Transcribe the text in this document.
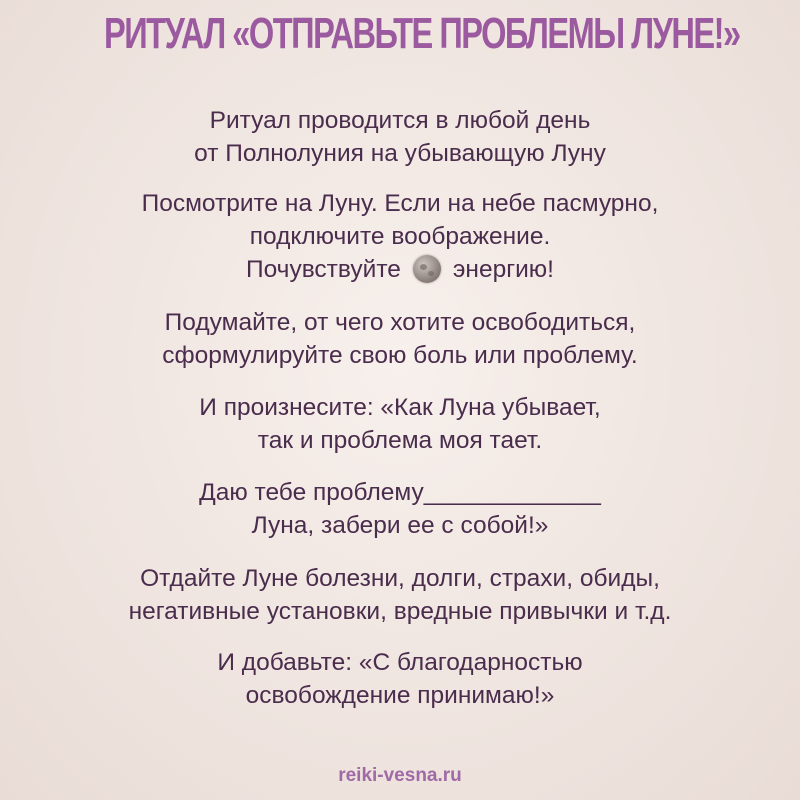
РИТУАЛ «ОТПРАВЬТЕ ПРОБЛЕМЫ ЛУНЕ!»
Ритуал проводится в любой день
от Полнолуния на убывающую Луну
Посмотрите на Луну. Если на небе пасмурно,
подключите воображение.
Почувствуйте энергию!
Подумайте, от чего хотите освободиться,
сформулируйте свою боль или проблему.
И произнесите: «Как Луна убывает,
так и проблема моя тает.
Даю тебе проблему_____________
Луна, забери ее с собой!»
Отдайте Луне болезни, долги, страхи, обиды,
негативные установки, вредные привычки и т.д.
И добавьте: «С благодарностью
освобождение принимаю!»
reiki-vesna.ru
